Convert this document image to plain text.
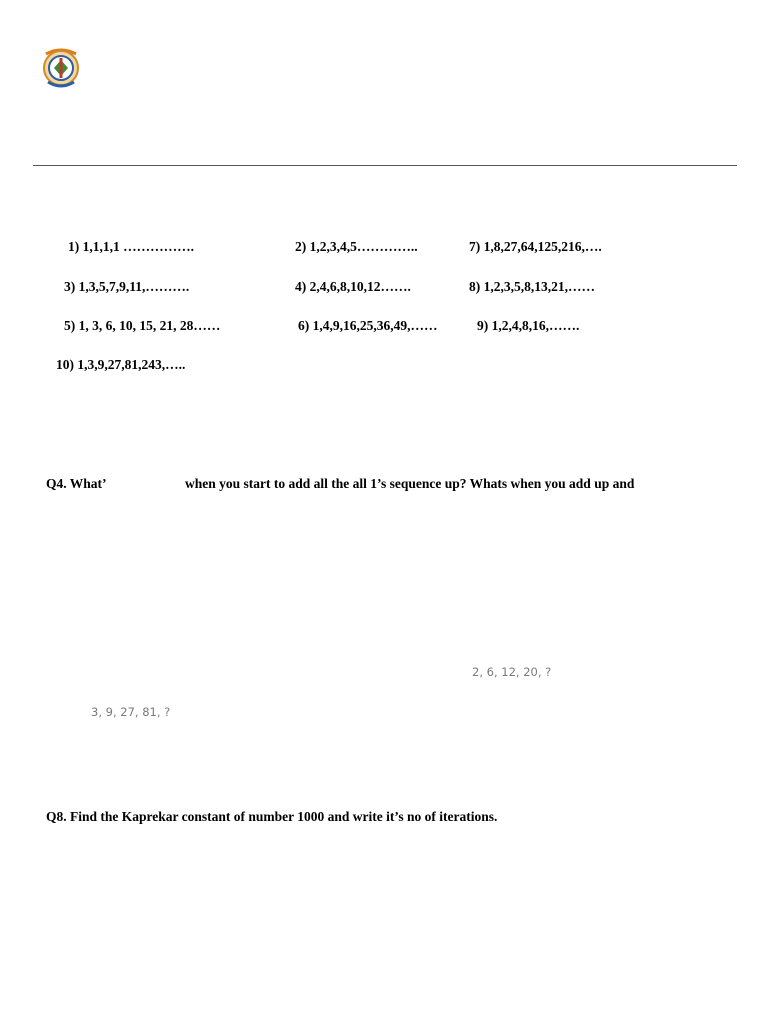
1) 1,1,1,1 …………….	2) 1,2,3,4,5…………..	7) 1,8,27,64,125,216,….
3) 1,3,5,7,9,11,……….	4) 2,4,6,8,10,12…….	8) 1,2,3,5,8,13,21,……
5) 1, 3, 6, 10, 15, 21, 28……	6) 1,4,9,16,25,36,49,……	9) 1,2,4,8,16,…….
10) 1,3,9,27,81,243,…..
Q4. What’	when you start to add all the all 1’s sequence up? Whats when you add up and
2, 6, 12, 20, ?
3, 9, 27, 81, ?
Q8. Find the Kaprekar constant of number 1000 and write it’s no of iterations.
